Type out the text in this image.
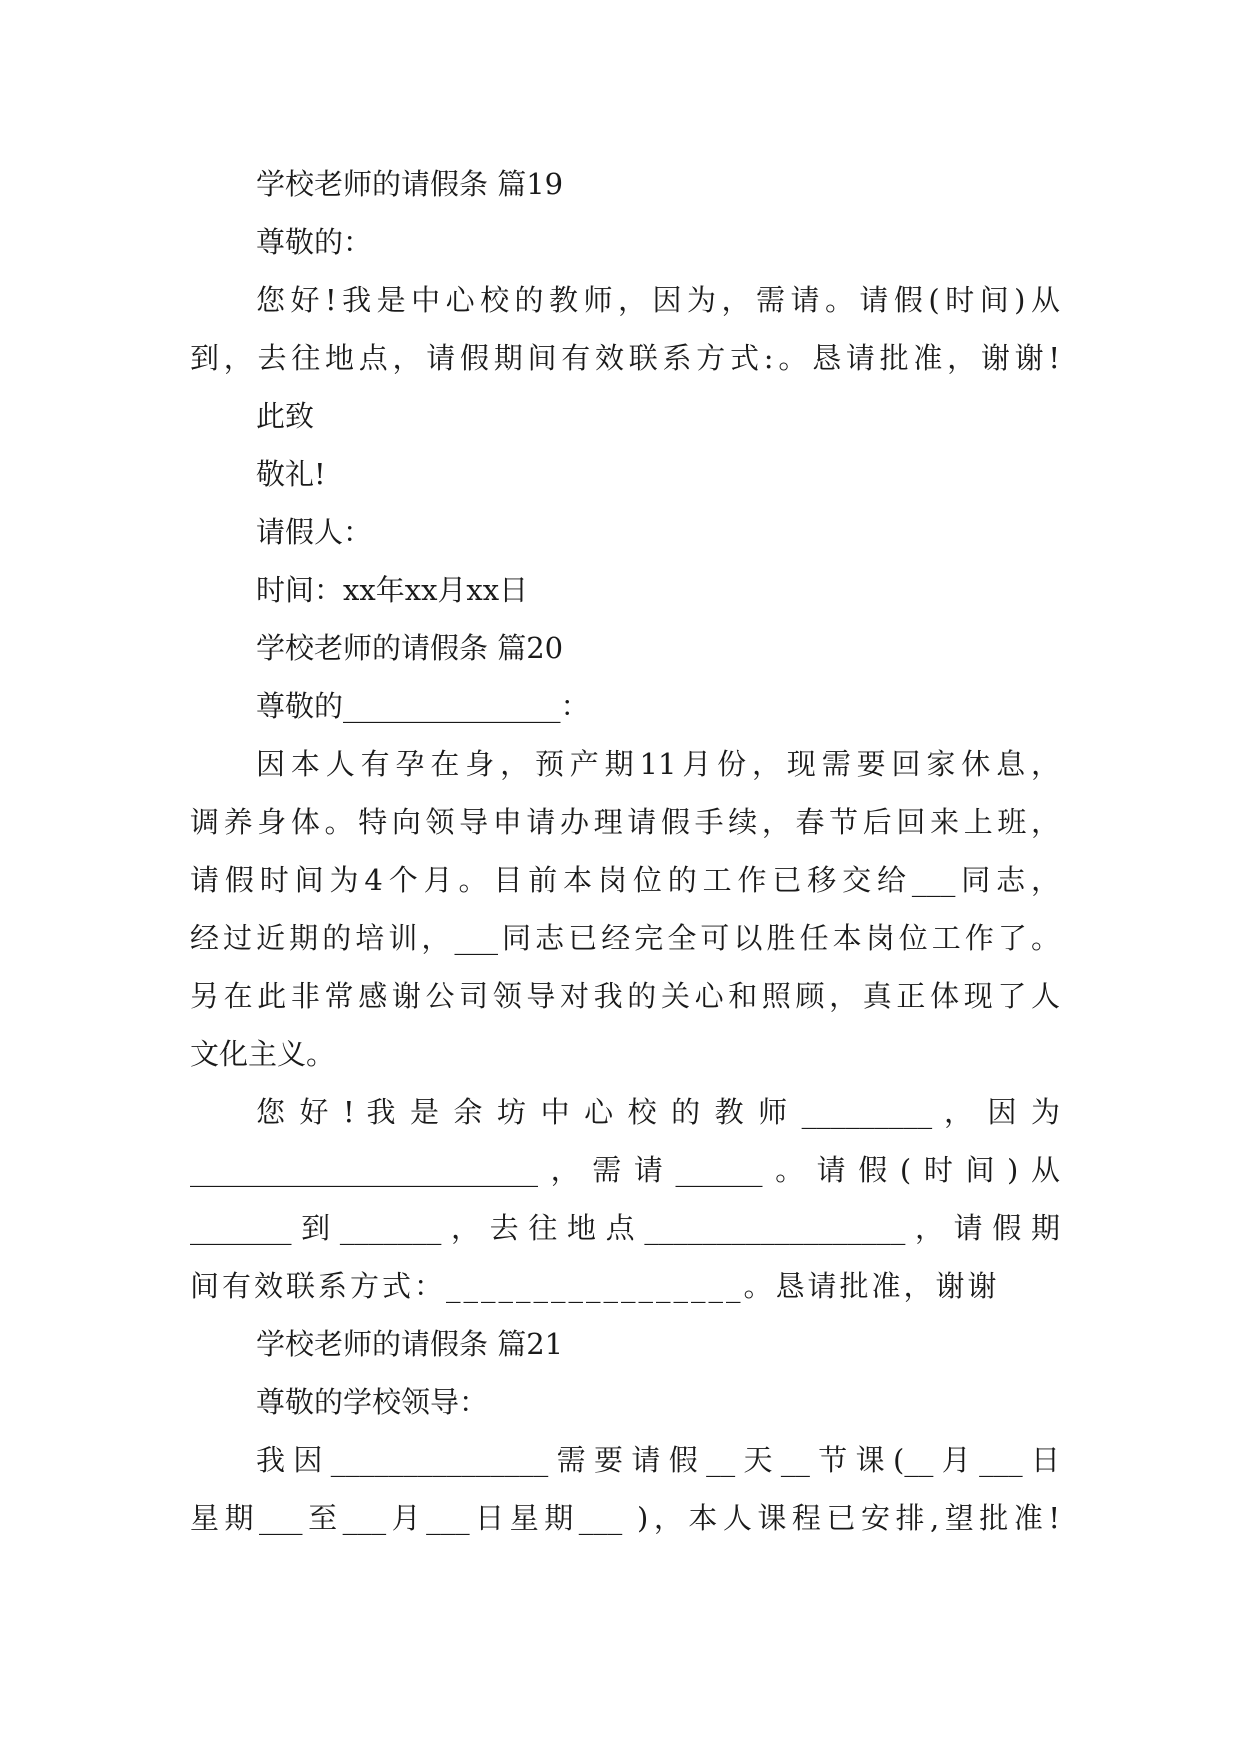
学校老师的请假条 篇19
尊敬的：
您好!我是中心校的教师，因为，需请。请假(时间)从
到，去往地点，请假期间有效联系方式:。恳请批准，谢谢!
此致
敬礼!
请假人：
时间：xx年xx月xx日
学校老师的请假条 篇20
尊敬的_______________：
因本人有孕在身，预产期11月份，现需要回家休息，
调养身体。特向领导申请办理请假手续，春节后回来上班，
请假时间为4个月。目前本岗位的工作已移交给___同志，
经过近期的培训，___同志已经完全可以胜任本岗位工作了。
另在此非常感谢公司领导对我的关心和照顾，真正体现了人
文化主义。
您 好 ! 我 是 余 坊 中 心 校 的 教 师 _________ ， 因 为
________________________，需请______。请假(时间)从
_______到_______，去往地点__________________，请假期
间有效联系方式：_________________。恳请批准，谢谢
学校老师的请假条 篇21
尊敬的学校领导：
我因_______________需要请假__天__节课(__月___日
星期___至___月___日星期___ )，本人课程已安排,望批准!
